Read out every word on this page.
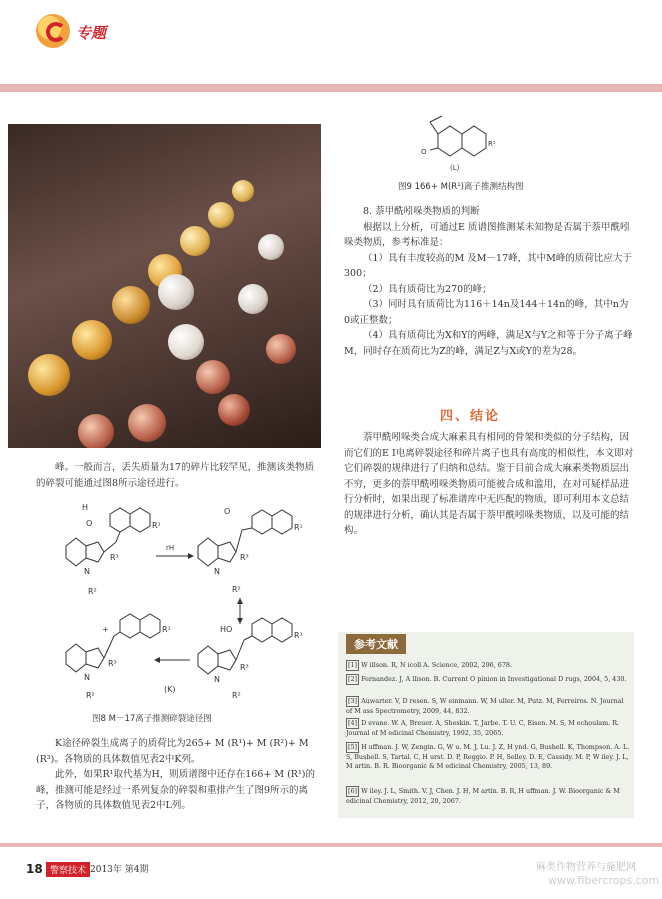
专题
O
R¹
(L)
图9 166+ M(R¹)离子推测结构图

8. 萘甲酰吲哚类物质的判断

根据以上分析，可通过E 质谱图推测某未知物是否属于萘甲酰吲哚类物质，参考标准是：

（1）具有丰度较高的M 及M－17峰，其中M峰的质荷比应大于300；

（2）具有质荷比为270的峰；

（3）同时具有质荷比为116＋14n及144＋14n的峰，其中n为0或正整数；

（4）具有质荷比为X和Y的两峰，满足X与Y之和等于分子离子峰M，同时存在质荷比为Z的峰，满足Z与X或Y的差为28。

四、结论

萘甲酰吲哚类合成大麻素具有相同的骨架和类似的分子结构，因而它们的E I电离碎裂途径和碎片离子也具有高度的相似性，本文即对它们碎裂的规律进行了归纳和总结。鉴于目前合成大麻素类物质层出不穷，更多的萘甲酰吲哚类物质可能被合成和滥用，在对可疑样品进行分析时，如果出现了标准谱库中无匹配的物质，即可利用本文总结的规律进行分析，确认其是否属于萘甲酰吲哚类物质，以及可能的结构。

峰。一般而言，丢失质量为17的碎片比较罕见，推测该类物质的碎裂可能通过图8所示途径进行。

H
O	R¹
R³
N
R²
rH
O
R¹
R³
N
R²
HO
R¹
R³
N
R²
+	R¹
R³
N
R²
(K)
图8 M－17离子推测碎裂途径图

K途径碎裂生成离子的质荷比为265+ M (R¹)+ M (R²)+ M (R³)。各物质的具体数值见表2中K列。

此外，如果R¹取代基为H，则质谱图中还存在166+ M (R¹)的峰，推测可能是经过一系列复杂的碎裂和重排产生了图9所示的离子，各物质的具体数值见表2中L列。

参考文献
[1] W illson. R, N icoll A. Science, 2002, 296, 678.
[2] Fernandez. J, A llison. B. Current O pinion in Investigational D rugs, 2004, 5, 430.
[3] Auwarter. V, D resen. S, W einmann. W, M uller. M, Putz. M, Ferreiros. N. Journal of M ass Spectrometry, 2009, 44, 832.
[4] D evane. W. A, Breuer. A, Sheskin. T, Jarbe. T. U. C, Eisen. M. S, M echoulam. R. Journal of M edicinal Chemistry, 1992, 35, 2065.
[5] H uffman. J. W, Zengin. G, W u. M. J, Lu. J. Z, H ynd. G, Bushell. K, Thompson. A. L. S, Bushell. S, Tartal. C, H urst. D. P, Reggio. P. H, Selley. D. E, Cassidy. M. P, W iley. J. L, M artin. B. R. Bioorganic & M edicinal Chemistry, 2005, 13, 89.
[6] W iley. J. L, Smith. V. J, Chen. J. H, M artin. B. R, H uffman. J. W. Bioorganic & M edicinal Chemistry, 2012, 20, 2067.
18 警察技术 2013年 第4期	麻类作物营养与施肥网
www.fibercrops.com
